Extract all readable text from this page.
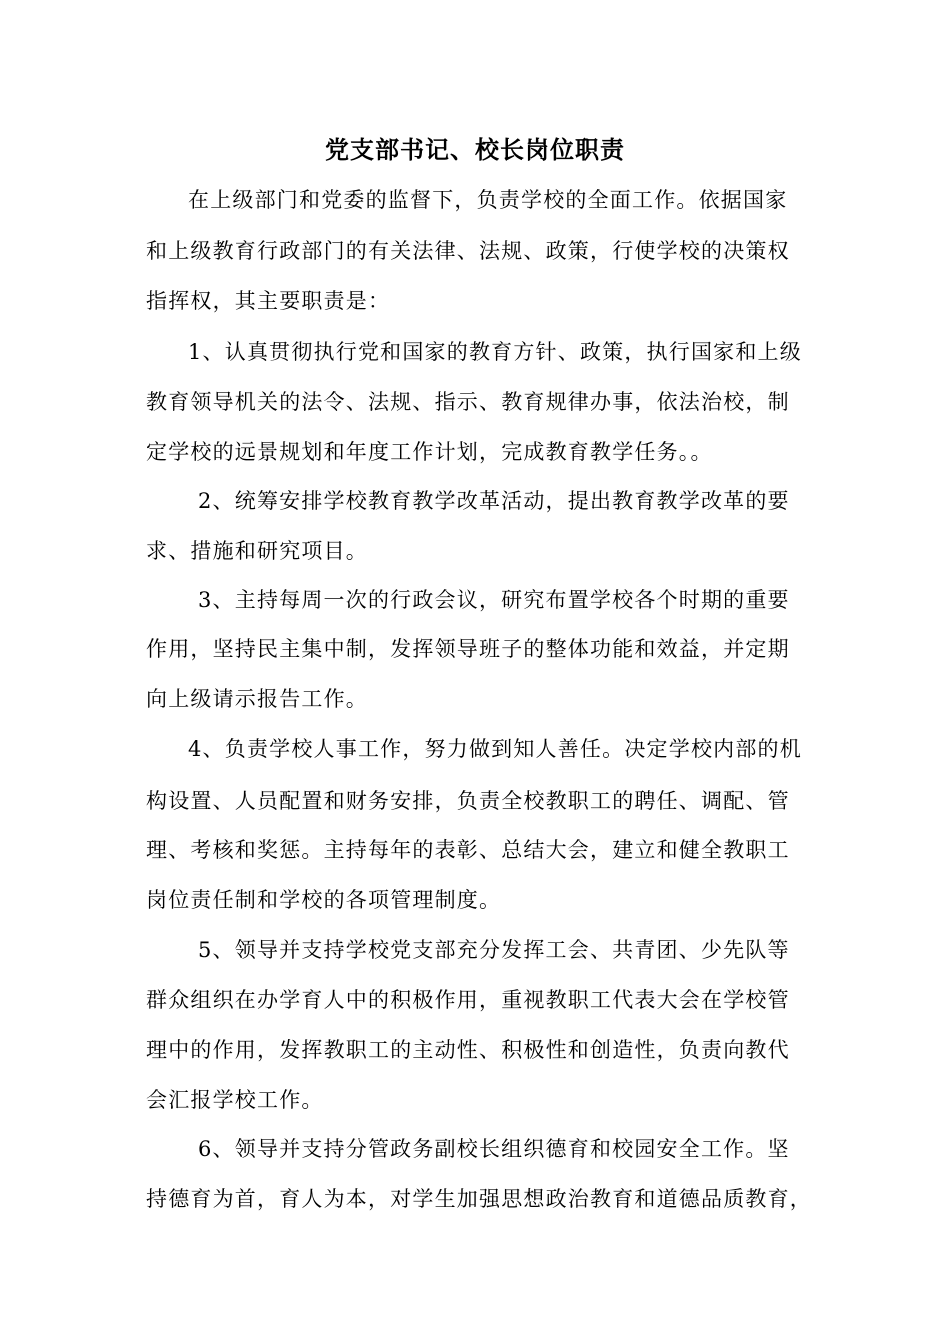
党支部书记、校长岗位职责
在上级部门和党委的监督下，负责学校的全面工作。依据国家
和上级教育行政部门的有关法律、法规、政策，行使学校的决策权
指挥权，其主要职责是：
1、认真贯彻执行党和国家的教育方针、政策，执行国家和上级
教育领导机关的法令、法规、指示、教育规律办事，依法治校，制
定学校的远景规划和年度工作计划，完成教育教学任务。。
2、统筹安排学校教育教学改革活动，提出教育教学改革的要
求、措施和研究项目。
3、主持每周一次的行政会议，研究布置学校各个时期的重要
作用，坚持民主集中制，发挥领导班子的整体功能和效益，并定期
向上级请示报告工作。
4、负责学校人事工作，努力做到知人善任。决定学校内部的机
构设置、人员配置和财务安排，负责全校教职工的聘任、调配、管
理、考核和奖惩。主持每年的表彰、总结大会，建立和健全教职工
岗位责任制和学校的各项管理制度。
5、领导并支持学校党支部充分发挥工会、共青团、少先队等
群众组织在办学育人中的积极作用，重视教职工代表大会在学校管
理中的作用，发挥教职工的主动性、积极性和创造性，负责向教代
会汇报学校工作。
6、领导并支持分管政务副校长组织德育和校园安全工作。坚
持德育为首，育人为本，对学生加强思想政治教育和道德品质教育，
